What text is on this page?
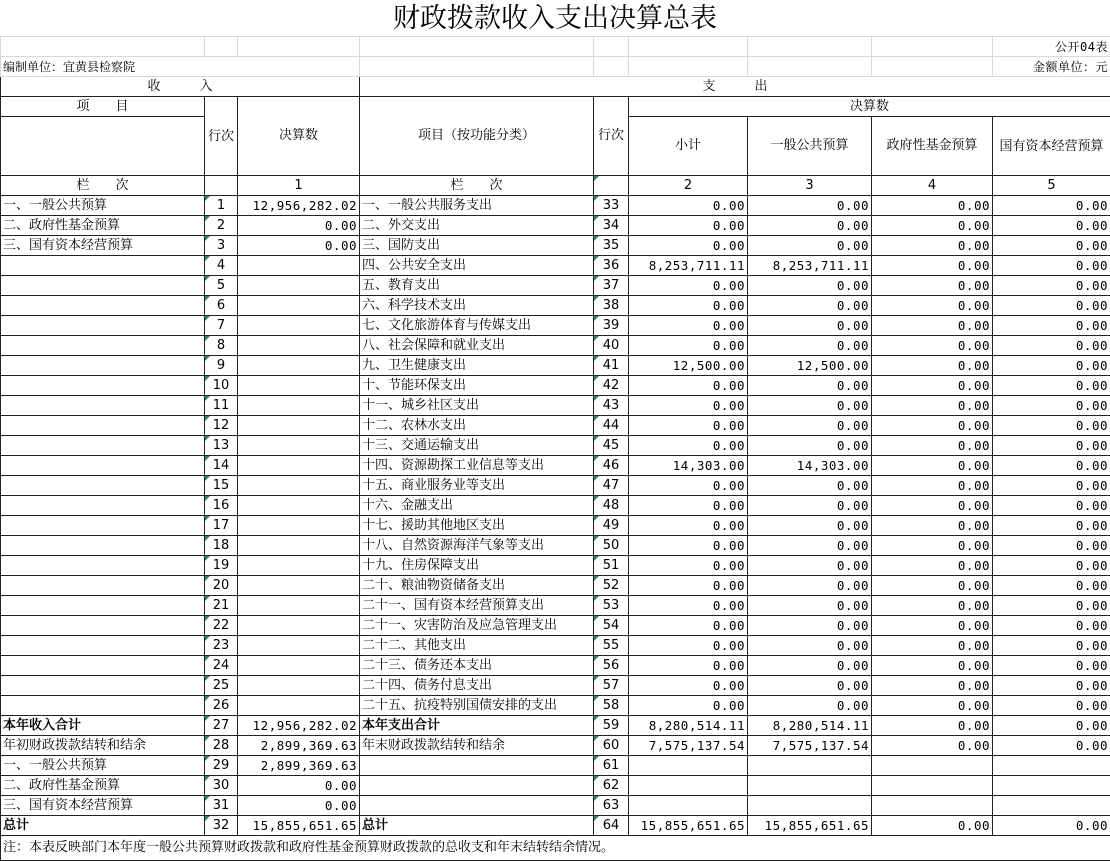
财政拨款收入支出决算总表
								公开04表
编制单位：宜黄县检察院								金额单位：元
收　　　入			支　　　出					
项　　目	行次	决算数	项目（按功能分类）	行次	决算数			
					小计	一般公共预算	政府性基金预算	国有资本经营预算
栏　　次		1	栏　　次		2	3	4	5
一、一般公共预算	1	12,956,282.02	一、一般公共服务支出	33	0.00	0.00	0.00	0.00
二、政府性基金预算	2	0.00	二、外交支出	34	0.00	0.00	0.00	0.00
三、国有资本经营预算	3	0.00	三、国防支出	35	0.00	0.00	0.00	0.00
	4		四、公共安全支出	36	8,253,711.11	8,253,711.11	0.00	0.00
	5		五、教育支出	37	0.00	0.00	0.00	0.00
	6		六、科学技术支出	38	0.00	0.00	0.00	0.00
	7		七、文化旅游体育与传媒支出	39	0.00	0.00	0.00	0.00
	8		八、社会保障和就业支出	40	0.00	0.00	0.00	0.00
	9		九、卫生健康支出	41	12,500.00	12,500.00	0.00	0.00
	10		十、节能环保支出	42	0.00	0.00	0.00	0.00
	11		十一、城乡社区支出	43	0.00	0.00	0.00	0.00
	12		十二、农林水支出	44	0.00	0.00	0.00	0.00
	13		十三、交通运输支出	45	0.00	0.00	0.00	0.00
	14		十四、资源勘探工业信息等支出	46	14,303.00	14,303.00	0.00	0.00
	15		十五、商业服务业等支出	47	0.00	0.00	0.00	0.00
	16		十六、金融支出	48	0.00	0.00	0.00	0.00
	17		十七、援助其他地区支出	49	0.00	0.00	0.00	0.00
	18		十八、自然资源海洋气象等支出	50	0.00	0.00	0.00	0.00
	19		十九、住房保障支出	51	0.00	0.00	0.00	0.00
	20		二十、粮油物资储备支出	52	0.00	0.00	0.00	0.00
	21		二十一、国有资本经营预算支出	53	0.00	0.00	0.00	0.00
	22		二十一、灾害防治及应急管理支出	54	0.00	0.00	0.00	0.00
	23		二十二、其他支出	55	0.00	0.00	0.00	0.00
	24		二十三、债务还本支出	56	0.00	0.00	0.00	0.00
	25		二十四、债务付息支出	57	0.00	0.00	0.00	0.00
	26		二十五、抗疫特别国债安排的支出	58	0.00	0.00	0.00	0.00
本年收入合计	27	12,956,282.02	本年支出合计	59	8,280,514.11	8,280,514.11	0.00	0.00
年初财政拨款结转和结余	28	2,899,369.63	年末财政拨款结转和结余	60	7,575,137.54	7,575,137.54	0.00	0.00
一、一般公共预算	29	2,899,369.63		61				
二、政府性基金预算	30	0.00		62				
三、国有资本经营预算	31	0.00		63				
总计	32	15,855,651.65	总计	64	15,855,651.65	15,855,651.65	0.00	0.00
注：本表反映部门本年度一般公共预算财政拨款和政府性基金预算财政拨款的总收支和年末结转结余情况。
